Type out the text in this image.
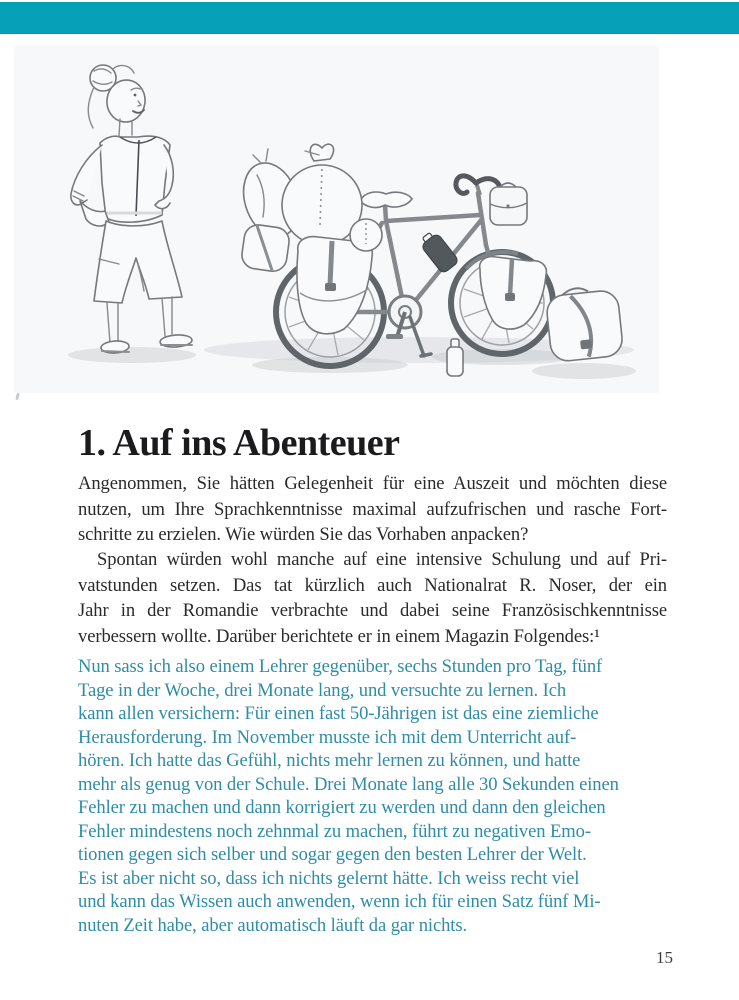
1. Auf ins Abenteuer
Angenommen, Sie hätten Gelegenheit für eine Auszeit und möchten diese
nutzen, um Ihre Sprachkenntnisse maximal aufzufrischen und rasche Fort-
schritte zu erzielen. Wie würden Sie das Vorhaben anpacken?
Spontan würden wohl manche auf eine intensive Schulung und auf Pri-
vatstunden setzen. Das tat kürzlich auch Nationalrat R. Noser, der ein
Jahr in der Romandie verbrachte und dabei seine Französischkenntnisse
verbessern wollte. Darüber berichtete er in einem Magazin Folgendes:¹
Nun sass ich also einem Lehrer gegenüber, sechs Stunden pro Tag, fünf
Tage in der Woche, drei Monate lang, und versuchte zu lernen. Ich
kann allen versichern: Für einen fast 50-Jährigen ist das eine ziemliche
Herausforderung. Im November musste ich mit dem Unterricht auf-
hören. Ich hatte das Gefühl, nichts mehr lernen zu können, und hatte
mehr als genug von der Schule. Drei Monate lang alle 30 Sekunden einen
Fehler zu machen und dann korrigiert zu werden und dann den gleichen
Fehler mindestens noch zehnmal zu machen, führt zu negativen Emo-
tionen gegen sich selber und sogar gegen den besten Lehrer der Welt.
Es ist aber nicht so, dass ich nichts gelernt hätte. Ich weiss recht viel
und kann das Wissen auch anwenden, wenn ich für einen Satz fünf Mi-
nuten Zeit habe, aber automatisch läuft da gar nichts.
15
